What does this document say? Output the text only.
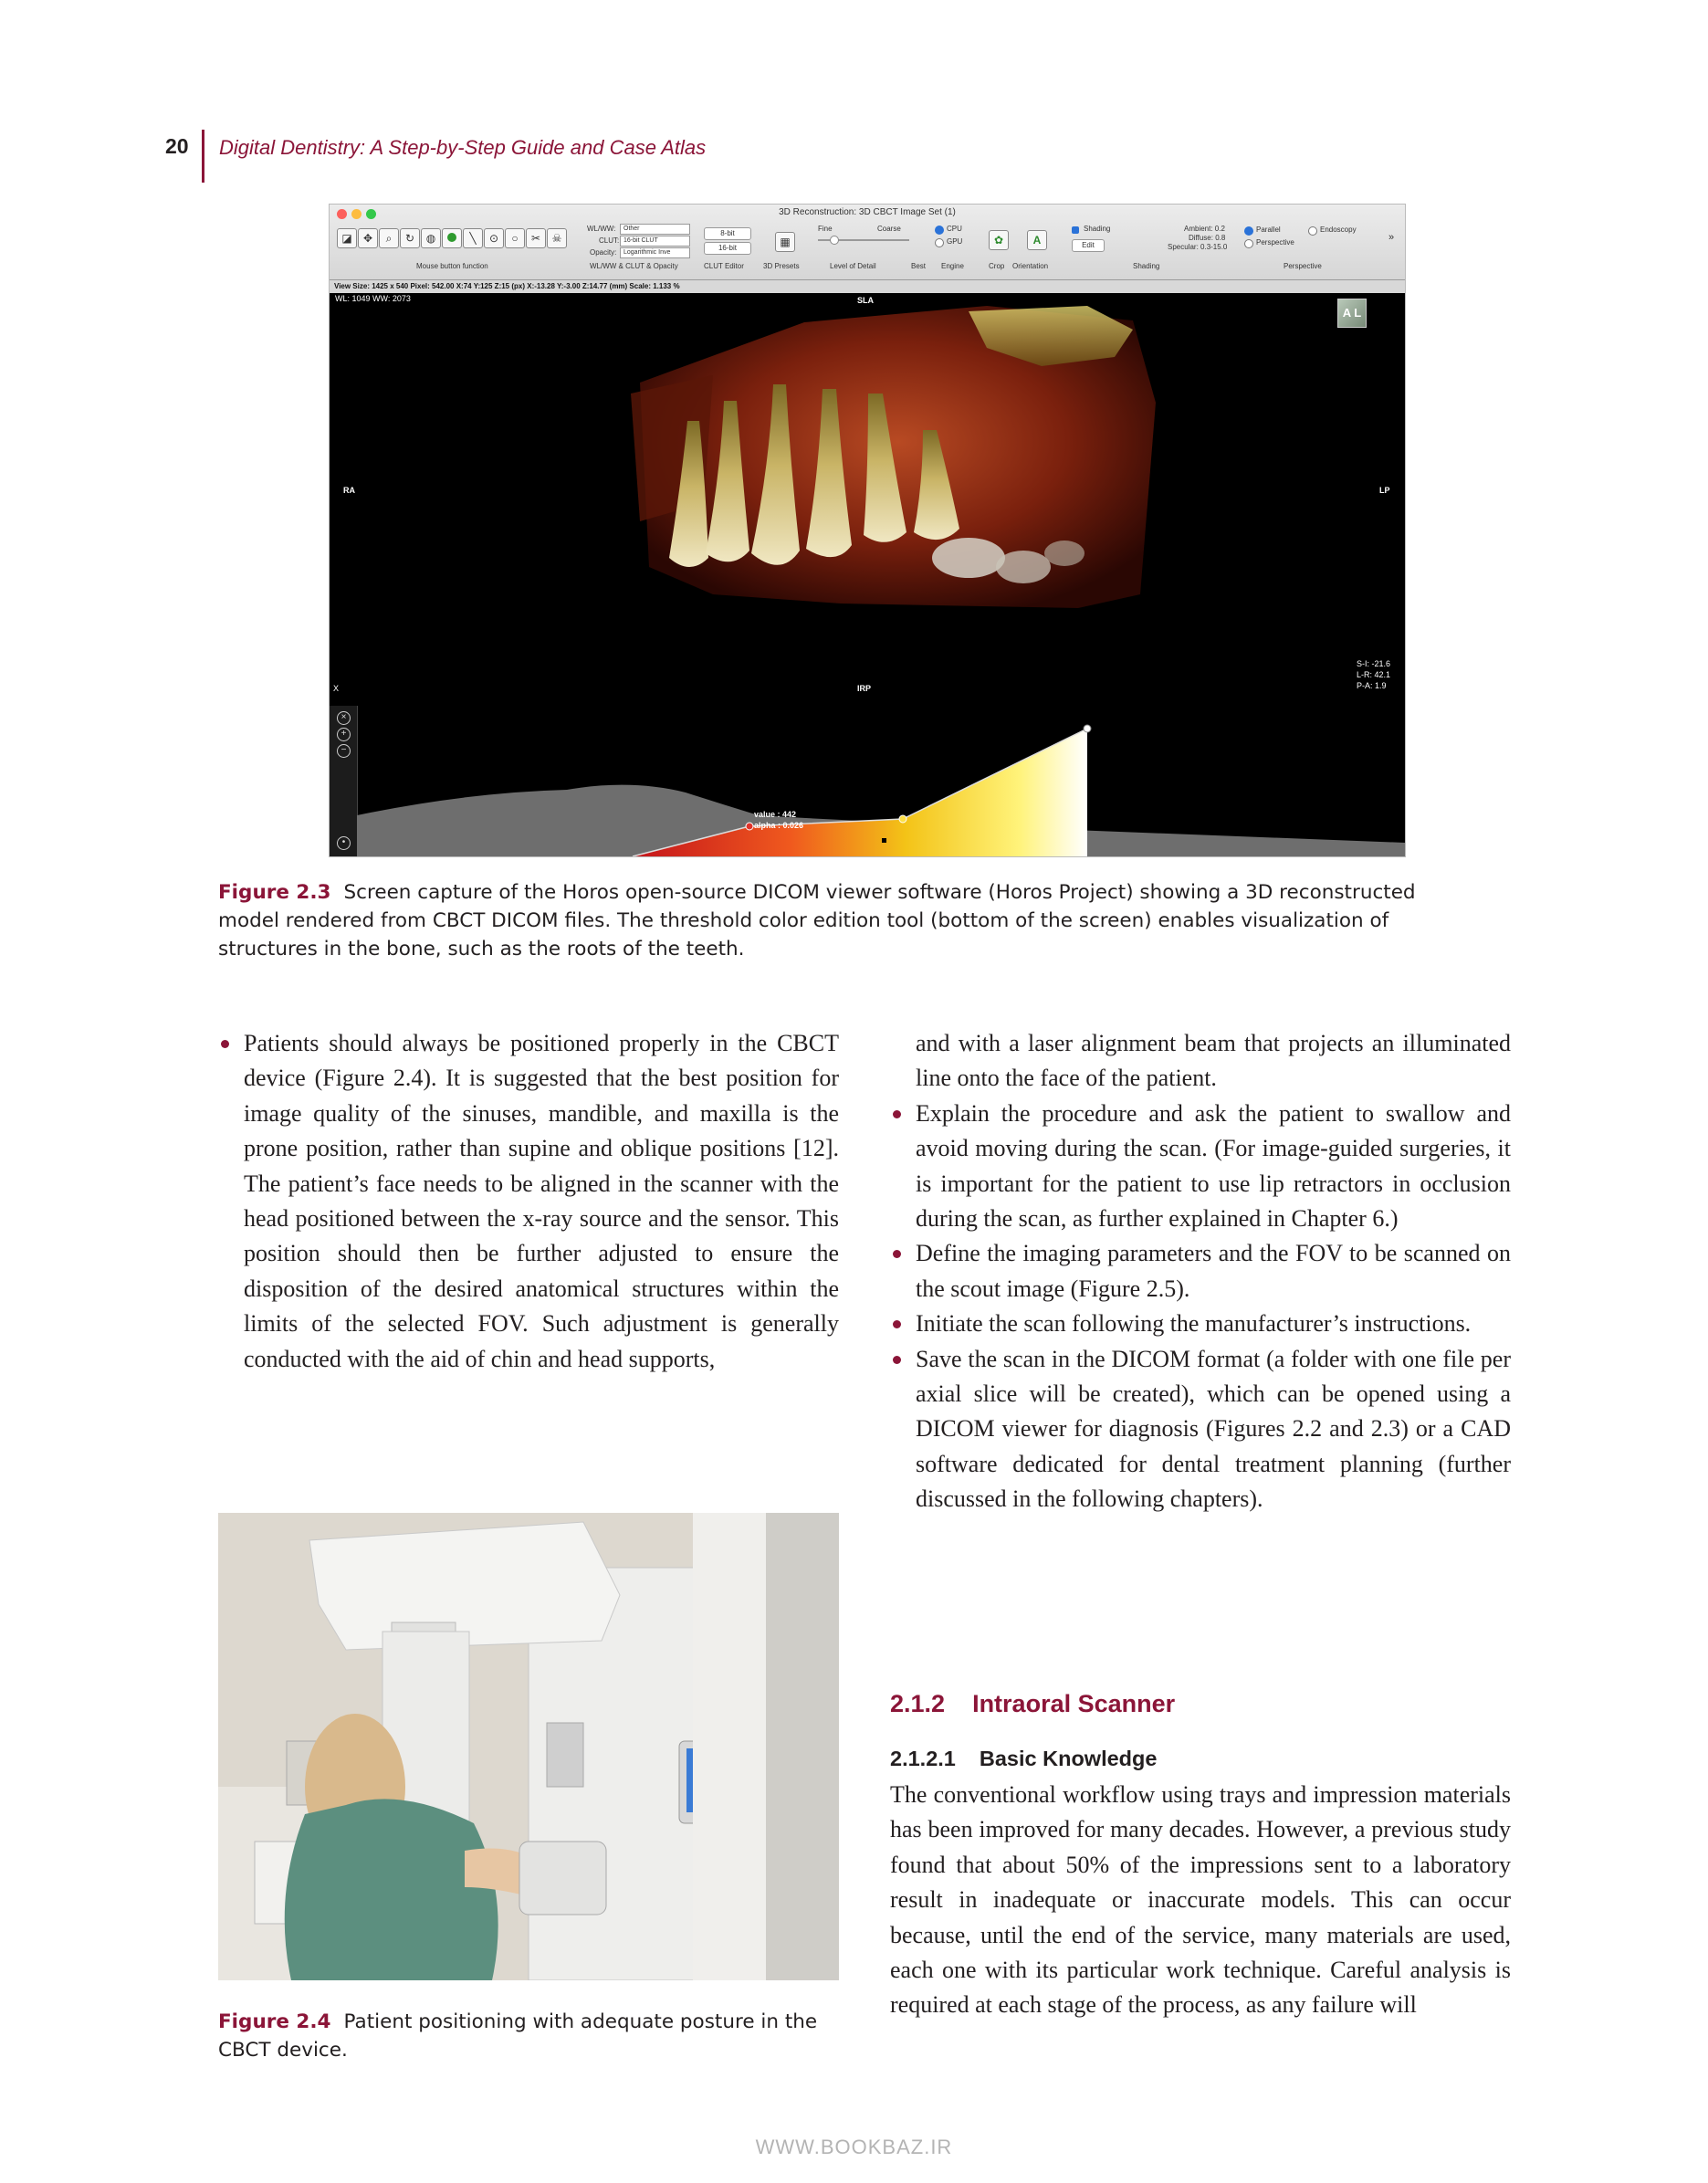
20 Digital Dentistry: A Step-by-Step Guide and Case Atlas
3D Reconstruction: 3D CBCT Image Set (1)
◪	✥	⌕	↻	◍	╲	⊙	○	✂	☠
Mouse button function
WL/WW:	Other
CLUT: 16-bit CLUT
Opacity:	Logarithmic Inve
WL/WW & CLUT & Opacity
8-bit
16-bit
CLUT Editor
▦
3D Presets
Fine	Coarse
Level of Detail	Best
CPU
GPU
Engine
✿
Crop
A
Orientation
Shading
Edit
Ambient: 0.2
Diffuse: 0.8
Specular: 0.3-15.0
Shading
Parallel
Perspective
Endoscopy
Perspective
»
View Size: 1425 x 540 Pixel: 542.00 X:74 Y:125 Z:15 (px) X:-13.28 Y:-3.00 Z:14.77 (mm) Scale: 1.133 %
WL: 1049 WW: 2073	SLA
IRP
RA	LP
X
S-I: -21.6
L-R: 42.1
P-A: 1.9
A L
×
+
−
•
value : 442
alpha : 0.026
Figure 2.3 Screen capture of the Horos open-source DICOM viewer software (Horos Project) showing a 3D reconstructed model rendered from CBCT DICOM files. The threshold color edition tool (bottom of the screen) enables visualization of structures in the bone, such as the roots of the teeth.

Patients should always be positioned properly in the CBCT device (Figure 2.4). It is suggested that the best position for image quality of the sinuses, mandible, and maxilla is the prone position, rather than supine and oblique positions [12]. The patient’s face needs to be aligned in the scanner with the head positioned between the x-ray source and the sensor. This position should then be further adjusted to ensure the disposition of the desired anatomical structures within the limits of the selected FOV. Such adjustment is generally conducted with the aid of chin and head supports,

Figure 2.4 Patient positioning with adequate posture in the CBCT device.

and with a laser alignment beam that projects an illuminated line onto the face of the patient.

Explain the procedure and ask the patient to swallow and avoid moving during the scan. (For image-guided surgeries, it is important for the patient to use lip retractors in occlusion during the scan, as further explained in Chapter 6.)

Define the imaging parameters and the FOV to be scanned on the scout image (Figure 2.5).

Initiate the scan following the manufacturer’s instructions.

Save the scan in the DICOM format (a folder with one file per axial slice will be created), which can be opened using a DICOM viewer for diagnosis (Figures 2.2 and 2.3) or a CAD software dedicated for dental treatment planning (further discussed in the following chapters).

2.1.2 Intraoral Scanner
2.1.2.1 Basic Knowledge

The conventional workflow using trays and impression materials has been improved for many decades. However, a previous study found that about 50% of the impressions sent to a laboratory result in inadequate or inaccurate models. This can occur because, until the end of the service, many materials are used, each one with its particular work technique. Careful analysis is required at each stage of the process, as any failure will

WWW.BOOKBAZ.IR
